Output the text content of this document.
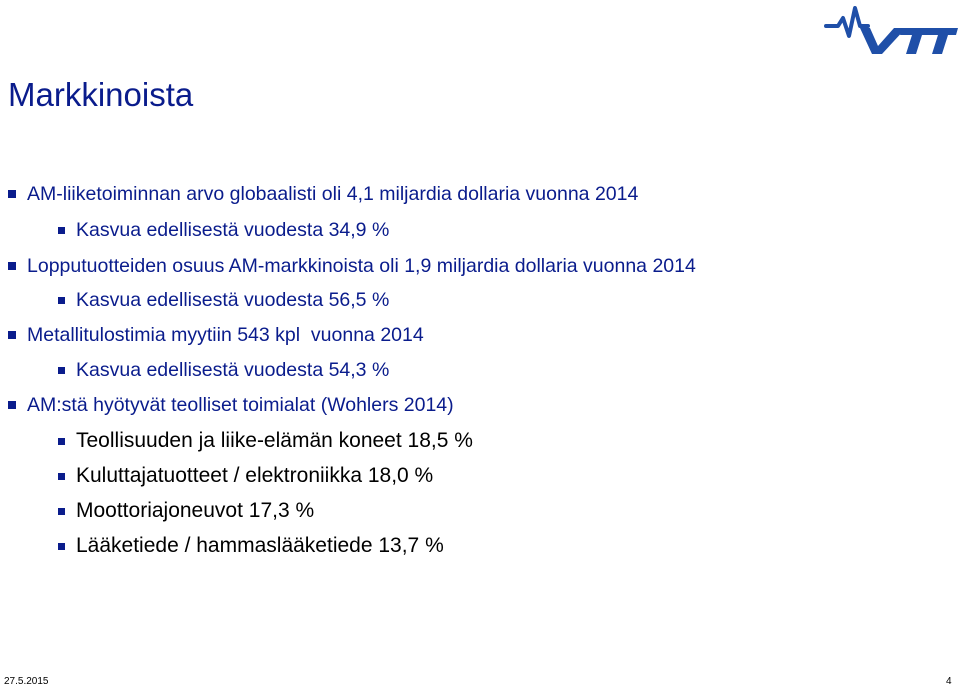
Markkinoista
AM-liiketoiminnan arvo globaalisti oli 4,1 miljardia dollaria vuonna 2014
Kasvua edellisestä vuodesta 34,9 %
Lopputuotteiden osuus AM-markkinoista oli 1,9 miljardia dollaria vuonna 2014
Kasvua edellisestä vuodesta 56,5 %
Metallitulostimia myytiin 543 kpl  vuonna 2014
Kasvua edellisestä vuodesta 54,3 %
AM:stä hyötyvät teolliset toimialat (Wohlers 2014)
Teollisuuden ja liike-elämän koneet 18,5 %
Kuluttajatuotteet / elektroniikka 18,0 %
Moottoriajoneuvot 17,3 %
Lääketiede / hammaslääketiede 13,7 %
27.5.2015	4
